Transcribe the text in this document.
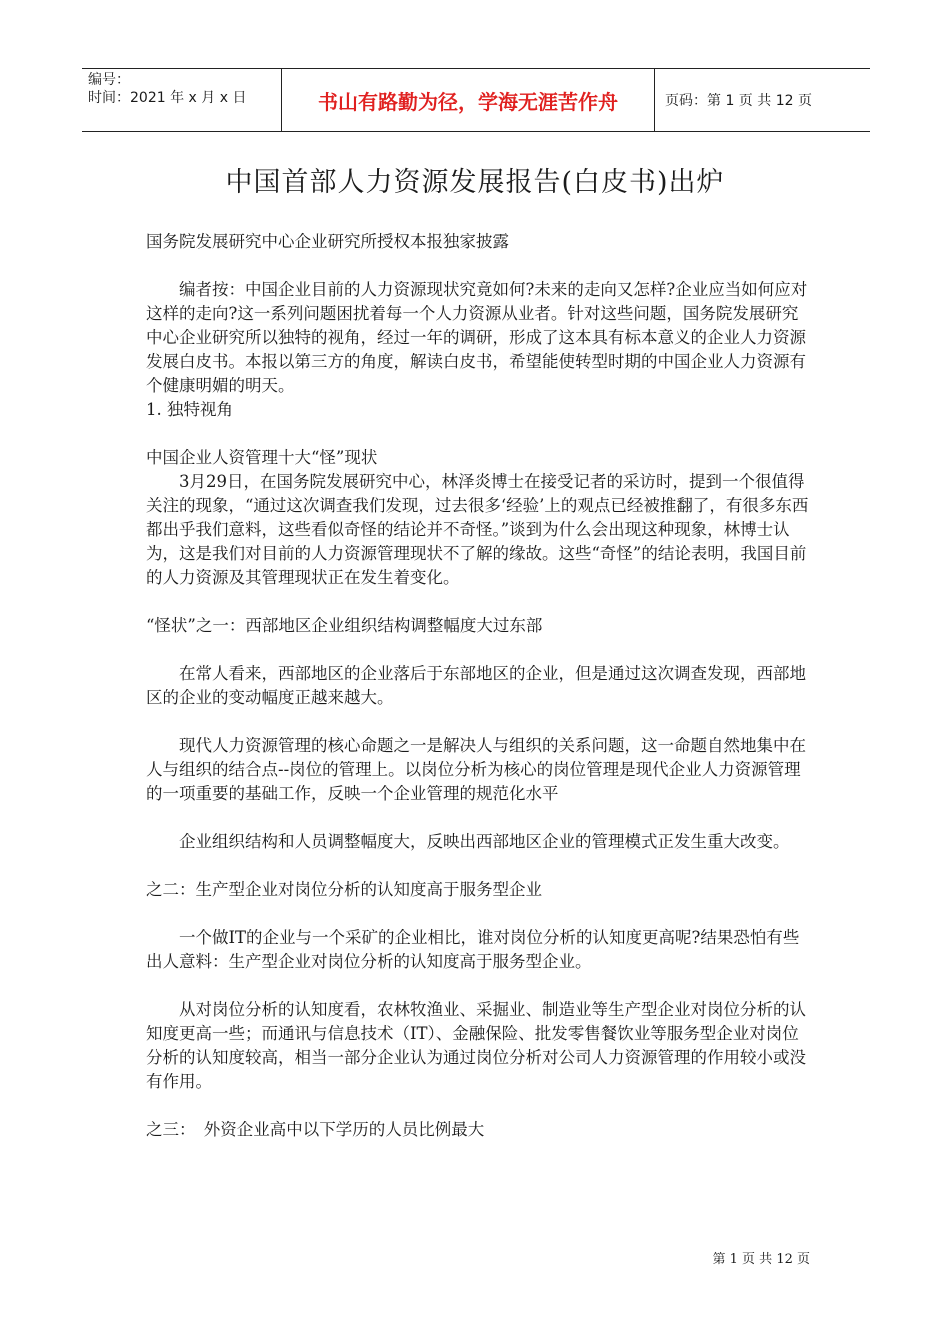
编号：
时间：2021 年 x 月 x 日	书山有路勤为径，学海无涯苦作舟	页码：第 1 页 共 12 页
中国首部人力资源发展报告(白皮书)出炉

国务院发展研究中心企业研究所授权本报独家披露

编者按：中国企业目前的人力资源现状究竟如何?未来的走向又怎样?企业应当如何应对这样的走向?这一系列问题困扰着每一个人力资源从业者。针对这些问题，国务院发展研究中心企业研究所以独特的视角，经过一年的调研，形成了这本具有标本意义的企业人力资源发展白皮书。本报以第三方的角度，解读白皮书，希望能使转型时期的中国企业人力资源有个健康明媚的明天。

1. 独特视角

中国企业人资管理十大“怪”现状

3月29日，在国务院发展研究中心，林泽炎博士在接受记者的采访时，提到一个很值得关注的现象，“通过这次调查我们发现，过去很多‘经验’上的观点已经被推翻了，有很多东西都出乎我们意料，这些看似奇怪的结论并不奇怪。”谈到为什么会出现这种现象，林博士认为，这是我们对目前的人力资源管理现状不了解的缘故。这些“奇怪”的结论表明，我国目前的人力资源及其管理现状正在发生着变化。

“怪状”之一：西部地区企业组织结构调整幅度大过东部

在常人看来，西部地区的企业落后于东部地区的企业，但是通过这次调查发现，西部地区的企业的变动幅度正越来越大。

现代人力资源管理的核心命题之一是解决人与组织的关系问题，这一命题自然地集中在人与组织的结合点--岗位的管理上。以岗位分析为核心的岗位管理是现代企业人力资源管理的一项重要的基础工作，反映一个企业管理的规范化水平

企业组织结构和人员调整幅度大，反映出西部地区企业的管理模式正发生重大改变。

之二：生产型企业对岗位分析的认知度高于服务型企业

一个做IT的企业与一个采矿的企业相比，谁对岗位分析的认知度更高呢?结果恐怕有些出人意料：生产型企业对岗位分析的认知度高于服务型企业。

从对岗位分析的认知度看，农林牧渔业、采掘业、制造业等生产型企业对岗位分析的认知度更高一些；而通讯与信息技术（IT）、金融保险、批发零售餐饮业等服务型企业对岗位分析的认知度较高，相当一部分企业认为通过岗位分析对公司人力资源管理的作用较小或没有作用。

之三：　外资企业高中以下学历的人员比例最大

第 1 页 共 12 页
